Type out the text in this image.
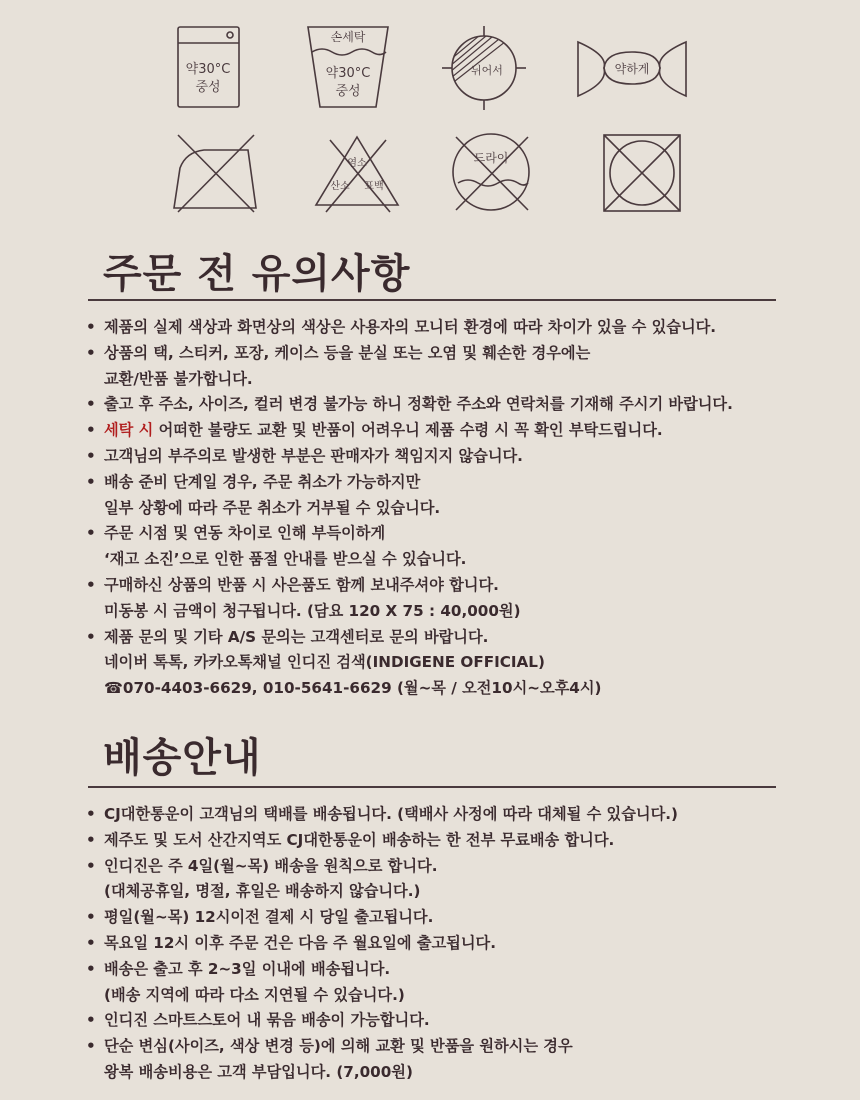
약30°C
중성
손세탁
약30°C
중성
뉘어서	약하게
염소
산소 표백
드라이
주문 전 유의사항
• 제품의 실제 색상과 화면상의 색상은 사용자의 모니터 환경에 따라 차이가 있을 수 있습니다.
• 상품의 택, 스티커, 포장, 케이스 등을 분실 또는 오염 및 훼손한 경우에는
교환/반품 불가합니다.
• 출고 후 주소, 사이즈, 컬러 변경 불가능 하니 정확한 주소와 연락처를 기재해 주시기 바랍니다.
• 세탁 시 어떠한 불량도 교환 및 반품이 어려우니 제품 수령 시 꼭 확인 부탁드립니다.
• 고객님의 부주의로 발생한 부분은 판매자가 책임지지 않습니다.
• 배송 준비 단계일 경우, 주문 취소가 가능하지만
일부 상황에 따라 주문 취소가 거부될 수 있습니다.
• 주문 시점 및 연동 차이로 인해 부득이하게
‘재고 소진’으로 인한 품절 안내를 받으실 수 있습니다.
• 구매하신 상품의 반품 시 사은품도 함께 보내주셔야 합니다.
미동봉 시 금액이 청구됩니다. (담요 120 X 75 : 40,000원)
• 제품 문의 및 기타 A/S 문의는 고객센터로 문의 바랍니다.
네이버 톡톡, 카카오톡채널 인디진 검색(INDIGENE OFFICIAL)
☎070-4403-6629, 010-5641-6629 (월~목 / 오전10시~오후4시)
배송안내
• CJ대한통운이 고객님의 택배를 배송됩니다. (택배사 사정에 따라 대체될 수 있습니다.)
• 제주도 및 도서 산간지역도 CJ대한통운이 배송하는 한 전부 무료배송 합니다.
• 인디진은 주 4일(월~목) 배송을 원칙으로 합니다.
(대체공휴일, 명절, 휴일은 배송하지 않습니다.)
• 평일(월~목) 12시이전 결제 시 당일 출고됩니다.
• 목요일 12시 이후 주문 건은 다음 주 월요일에 출고됩니다.
• 배송은 출고 후 2~3일 이내에 배송됩니다.
(배송 지역에 따라 다소 지연될 수 있습니다.)
• 인디진 스마트스토어 내 묶음 배송이 가능합니다.
• 단순 변심(사이즈, 색상 변경 등)에 의해 교환 및 반품을 원하시는 경우
왕복 배송비용은 고객 부담입니다. (7,000원)
